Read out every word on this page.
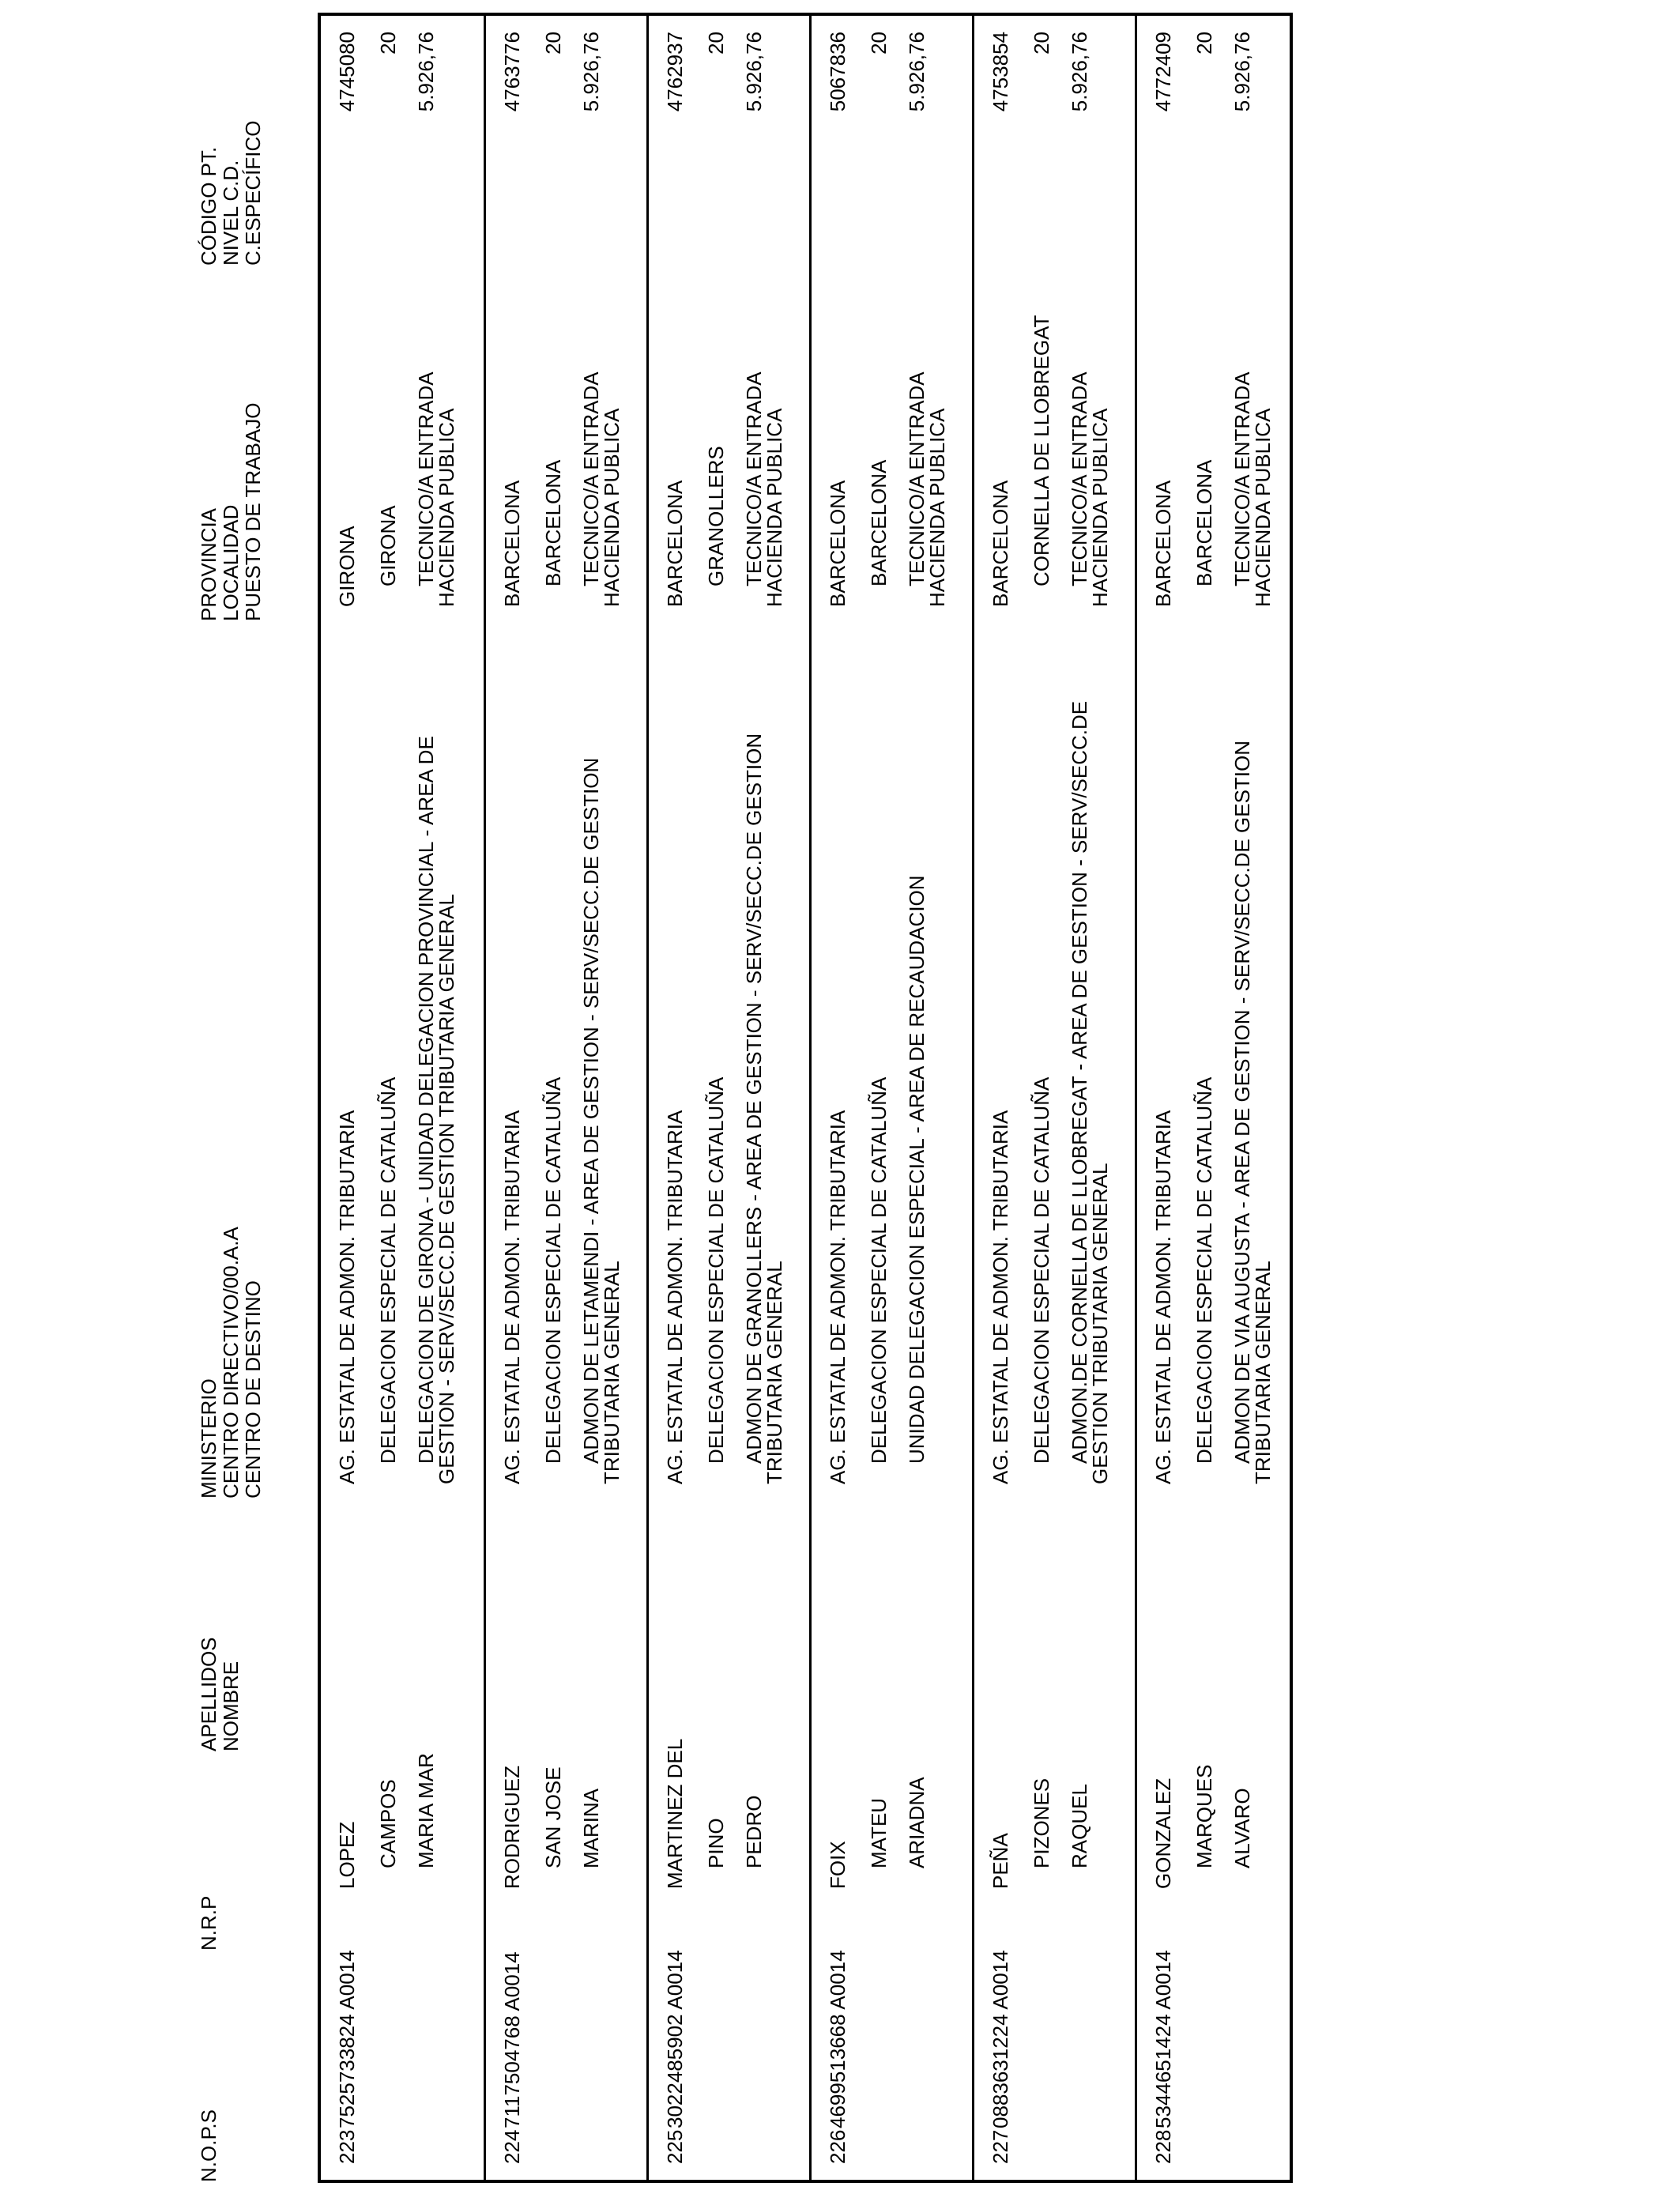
N.O.P.S
N.R.P
APELLIDOS
NOMBRE
MINISTERIO
CENTRO DIRECTIVO/00.A.A
CENTRO DE DESTINO
PROVINCIA
LOCALIDAD
PUESTO DE TRABAJO
CÓDIGO PT.
NIVEL C.D.
C.ESPECÍFICO
223
7525733824 A0014
LOPEZ CAMPOS MARIA MAR
AG. ESTATAL DE ADMON. TRIBUTARIA DELEGACION ESPECIAL DE CATALUÑA DELEGACION DE GIRONA - UNIDAD DELEGACION PROVINCIAL - AREA DE GESTION - SERV/SECC.DE GESTION TRIBUTARIA GENERAL
GIRONA GIRONA TECNICO/A ENTRADA HACIENDA PUBLICA
4745080 20 5.926,76
224
7117504768 A0014
RODRIGUEZ SAN JOSE MARINA
AG. ESTATAL DE ADMON. TRIBUTARIA DELEGACION ESPECIAL DE CATALUÑA ADMON DE LETAMENDI - AREA DE GESTION - SERV/SECC.DE GESTION TRIBUTARIA GENERAL
BARCELONA BARCELONA TECNICO/A ENTRADA HACIENDA PUBLICA
4763776 20 5.926,76
225
3022485902 A0014
MARTINEZ DEL PINO PEDRO
AG. ESTATAL DE ADMON. TRIBUTARIA DELEGACION ESPECIAL DE CATALUÑA ADMON DE GRANOLLERS - AREA DE GESTION - SERV/SECC.DE GESTION TRIBUTARIA GENERAL
BARCELONA GRANOLLERS TECNICO/A ENTRADA HACIENDA PUBLICA
4762937 20 5.926,76
226
4699513668 A0014
FOIX MATEU ARIADNA
AG. ESTATAL DE ADMON. TRIBUTARIA DELEGACION ESPECIAL DE CATALUÑA UNIDAD DELEGACION ESPECIAL - AREA DE RECAUDACION
BARCELONA BARCELONA TECNICO/A ENTRADA HACIENDA PUBLICA
5067836 20 5.926,76
227
0883631224 A0014
PEÑA PIZONES RAQUEL
AG. ESTATAL DE ADMON. TRIBUTARIA DELEGACION ESPECIAL DE CATALUÑA ADMON.DE CORNELLA DE LLOBREGAT - AREA DE GESTION - SERV/SECC.DE GESTION TRIBUTARIA GENERAL
BARCELONA CORNELLA DE LLOBREGAT TECNICO/A ENTRADA HACIENDA PUBLICA
4753854 20 5.926,76
228
5344651424 A0014
GONZALEZ MARQUES ALVARO
AG. ESTATAL DE ADMON. TRIBUTARIA DELEGACION ESPECIAL DE CATALUÑA ADMON DE VIA AUGUSTA - AREA DE GESTION - SERV/SECC.DE GESTION TRIBUTARIA GENERAL
BARCELONA BARCELONA TECNICO/A ENTRADA HACIENDA PUBLICA
4772409 20 5.926,76
